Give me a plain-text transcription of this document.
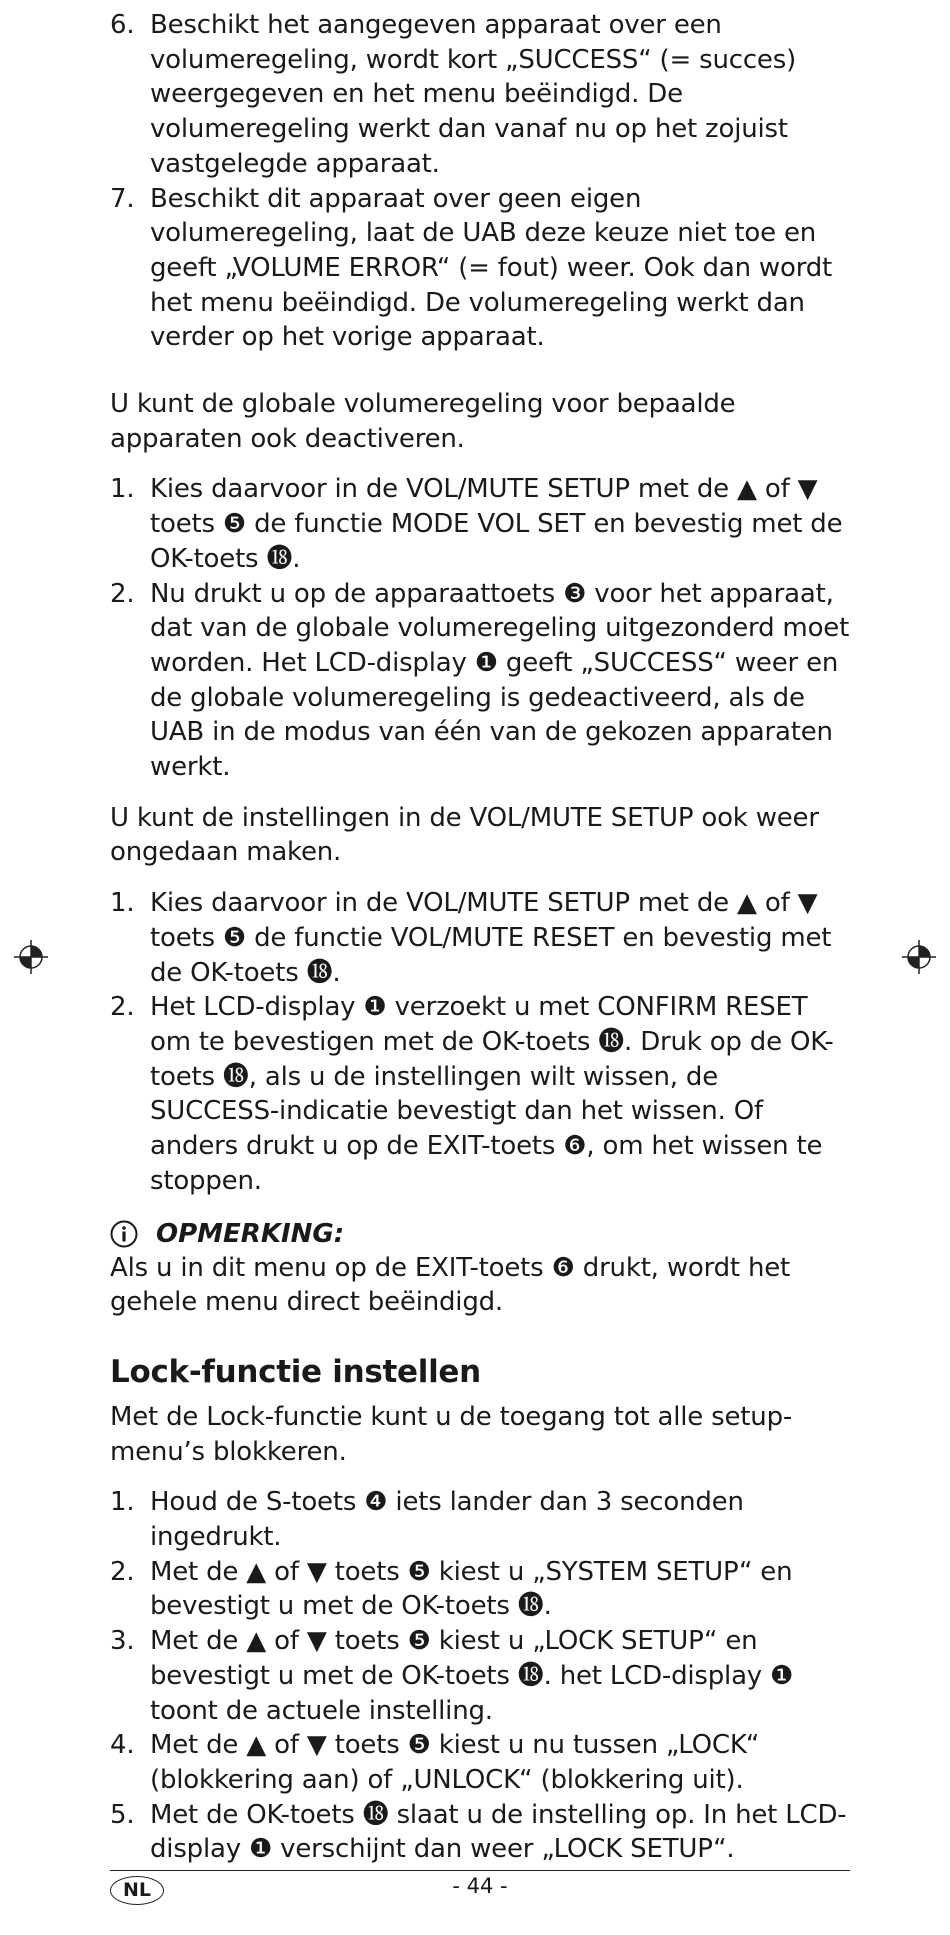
6. Beschikt het aangegeven apparaat over een volumeregeling, wordt kort „SUCCESS“ (= succes) weergegeven en het menu beëindigd. De volumeregeling werkt dan vanaf nu op het zojuist vastgelegde apparaat.
7. Beschikt dit apparaat over geen eigen volumeregeling, laat de UAB deze keuze niet toe en geeft „VOLUME ERROR“ (= fout) weer. Ook dan wordt het menu beëindigd. De volumeregeling werkt dan verder op het vorige apparaat.

U kunt de globale volumeregeling voor bepaalde apparaten ook deactiveren.

1. Kies daarvoor in de VOL/MUTE SETUP met de ▲ of ▼ toets ❺ de functie MODE VOL SET en bevestig met de OK-toets ⓲.
2. Nu drukt u op de apparaattoets ❸ voor het apparaat, dat van de globale volumeregeling uitgezonderd moet worden. Het LCD-display ❶ geeft „SUCCESS“ weer en de globale volumeregeling is gedeactiveerd, als de UAB in de modus van één van de gekozen apparaten werkt.

U kunt de instellingen in de VOL/MUTE SETUP ook weer ongedaan maken.

1. Kies daarvoor in de VOL/MUTE SETUP met de ▲ of ▼ toets ❺ de functie VOL/MUTE RESET en bevestig met de OK-toets ⓲.
2. Het LCD-display ❶ verzoekt u met CONFIRM RESET om te bevestigen met de OK-toets ⓲. Druk op de OK-toets ⓲, als u de instellingen wilt wissen, de SUCCESS-indicatie bevestigt dan het wissen. Of anders drukt u op de EXIT-toets ❻, om het wissen te stoppen.
OPMERKING:

Als u in dit menu op de EXIT-toets ❻ drukt, wordt het gehele menu direct beëindigd.

Lock-functie instellen

Met de Lock-functie kunt u de toegang tot alle setup-menu’s blokkeren.

1. Houd de S-toets ❹ iets lander dan 3 seconden ingedrukt.
2. Met de ▲ of ▼ toets ❺ kiest u „SYSTEM SETUP“ en bevestigt u met de OK-toets ⓲.
3. Met de ▲ of ▼ toets ❺ kiest u „LOCK SETUP“ en bevestigt u met de OK-toets ⓲. het LCD-display ❶ toont de actuele instelling.
4. Met de ▲ of ▼ toets ❺ kiest u nu tussen „LOCK“ (blokkering aan) of „UNLOCK“ (blokkering uit).
5. Met de OK-toets ⓲ slaat u de instelling op. In het LCD-display ❶ verschijnt dan weer „LOCK SETUP“.
NL	- 44 -
